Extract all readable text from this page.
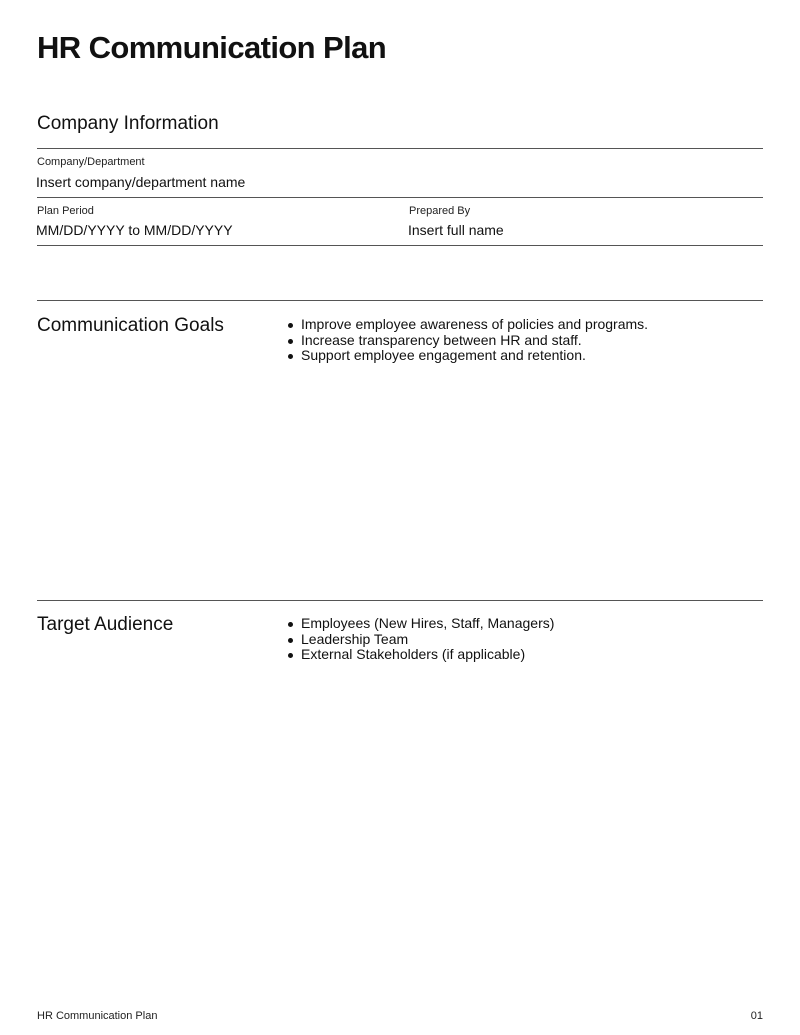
HR Communication Plan
Company Information
Company/Department
Insert company/department name
Plan Period
MM/DD/YYYY to MM/DD/YYYY
Prepared By
Insert full name
Communication Goals	Improve employee awareness of policies and programs.
Increase transparency between HR and staff.
Support employee engagement and retention.
Target Audience	Employees (New Hires, Staff, Managers)
Leadership Team
External Stakeholders (if applicable)
HR Communication Plan	01
